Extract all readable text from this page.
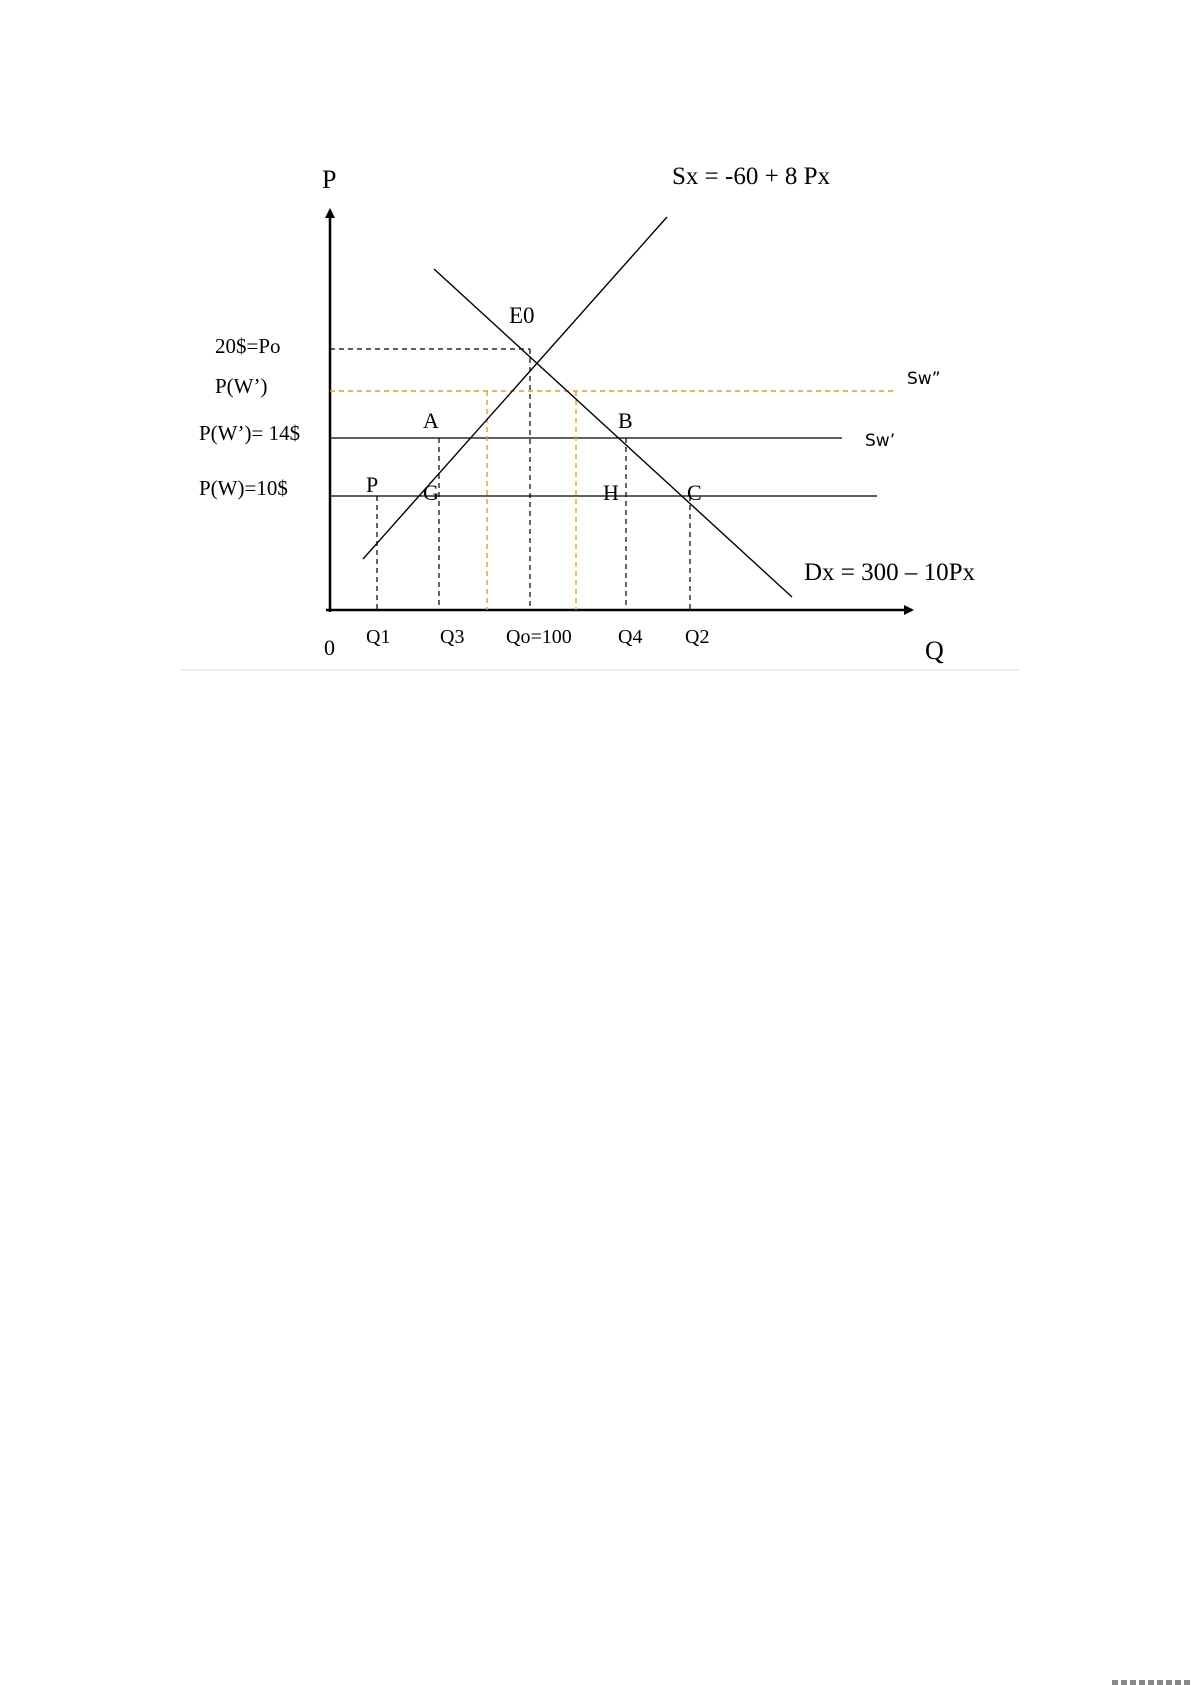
P
Q
0
Sx = -60 + 8 Px
Dx = 300 – 10Px
20$=Po
P(W’)
P(W’)= 14$
P(W)=10$
Sw”
Sw’
E0
A	B
P G	H	C
Q1 Q3 Qo=100 Q4 Q2
